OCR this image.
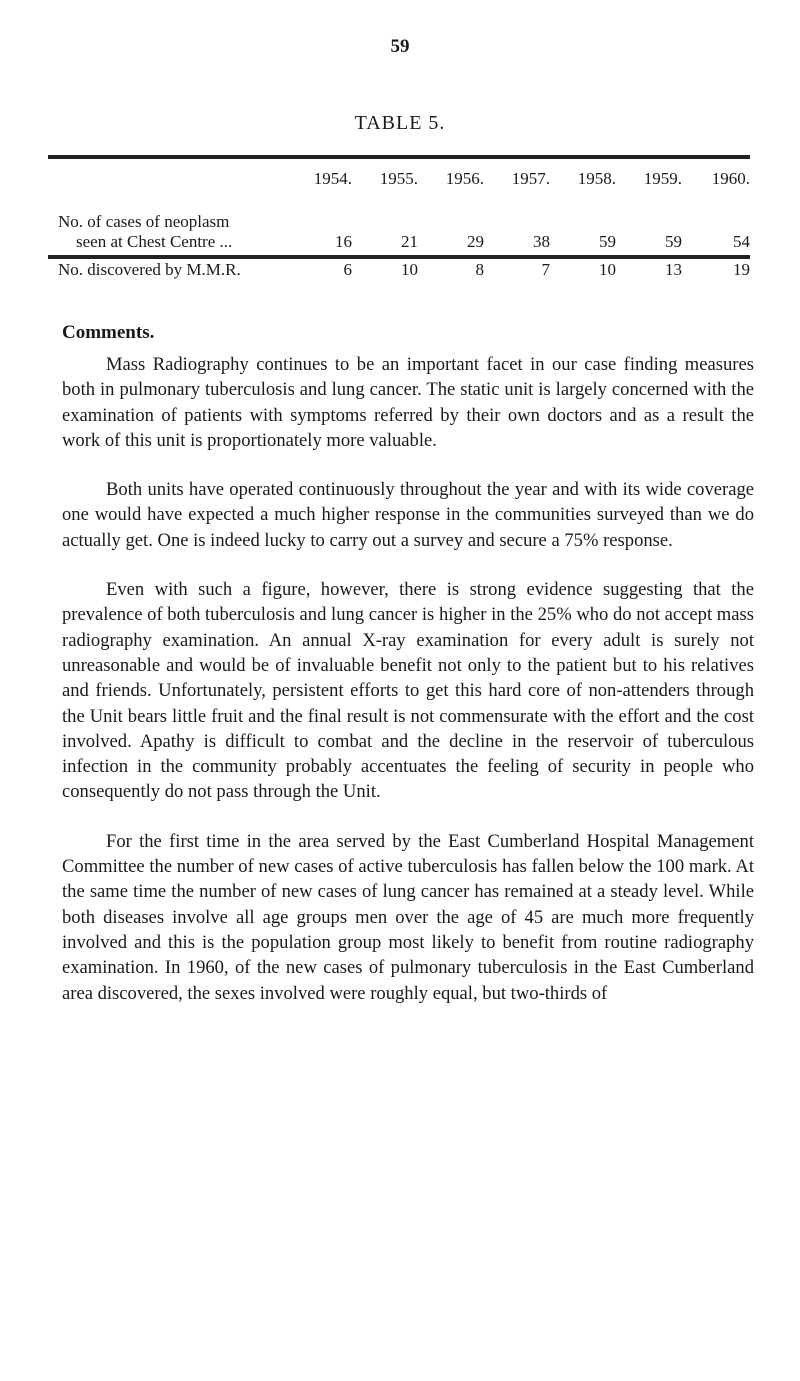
59
TABLE 5.
	1954.	1955.	1956.	1957.	1958.	1959.	1960.
No. of cases of neoplasm
seen at Chest Centre ...	16	21	29	38	59	59	54
No. discovered by M.M.R.	6	10	8	7	10	13	19
Comments.

Mass Radiography continues to be an important facet in our case finding measures both in pulmonary tuberculosis and lung cancer. The static unit is largely concerned with the examination of patients with symptoms referred by their own doctors and as a result the work of this unit is proportionately more valuable.

Both units have operated continuously throughout the year and with its wide coverage one would have expected a much higher response in the communities surveyed than we do actually get. One is indeed lucky to carry out a survey and secure a 75% response.

Even with such a figure, however, there is strong evidence suggesting that the prevalence of both tuberculosis and lung cancer is higher in the 25% who do not accept mass radiography examination. An annual X-ray examination for every adult is surely not unreasonable and would be of invaluable benefit not only to the patient but to his relatives and friends. Unfortunately, persistent efforts to get this hard core of non-attenders through the Unit bears little fruit and the final result is not commensurate with the effort and the cost involved. Apathy is difficult to combat and the decline in the reservoir of tuberculous infection in the community probably accentuates the feeling of security in people who consequently do not pass through the Unit.

For the first time in the area served by the East Cumberland Hospital Management Committee the number of new cases of active tuberculosis has fallen below the 100 mark. At the same time the number of new cases of lung cancer has remained at a steady level. While both diseases involve all age groups men over the age of 45 are much more frequently involved and this is the population group most likely to benefit from routine radiography examination. In 1960, of the new cases of pulmonary tuberculosis in the East Cumberland area discovered, the sexes involved were roughly equal, but two-thirds of
